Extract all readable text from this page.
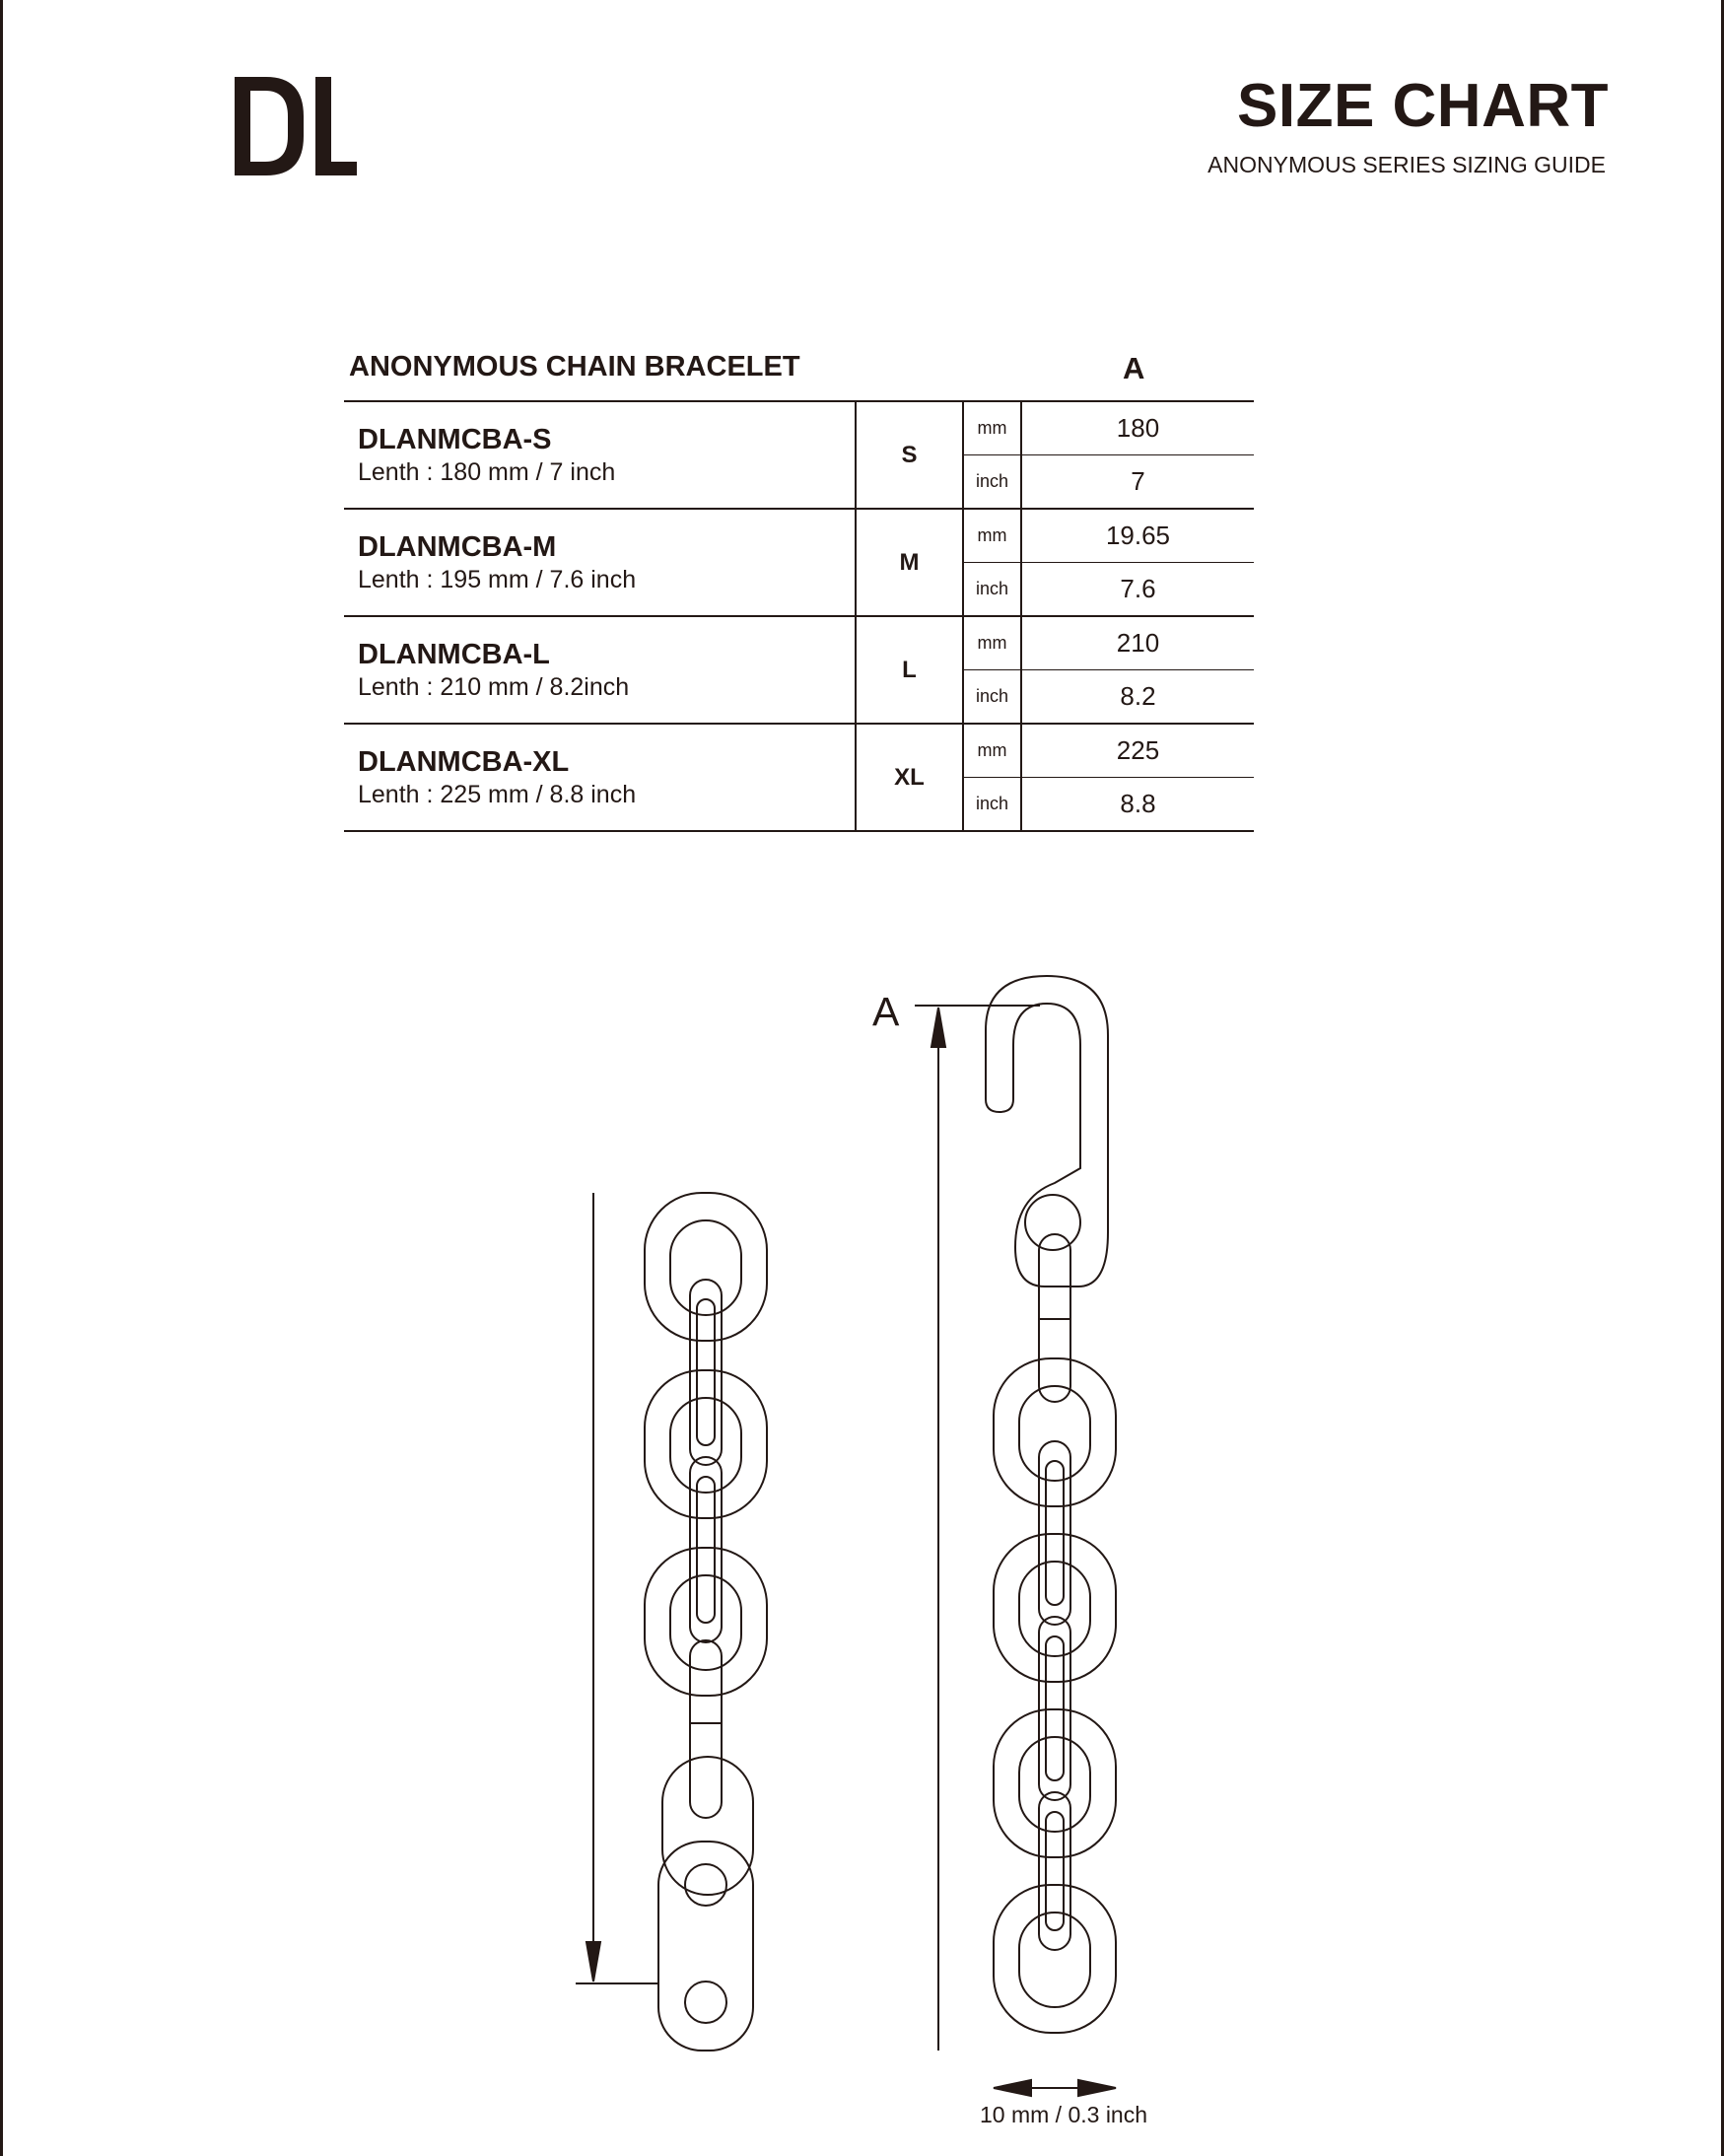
SIZE CHART
ANONYMOUS SERIES SIZING GUIDE
ANONYMOUS CHAIN BRACELET	A
DLANMCBA-S
Lenth : 180 mm / 7 inch	S	mm	180
		inch	7

DLANMCBA-M
Lenth : 195 mm / 7.6 inch	M	mm	19.65
		inch	7.6

DLANMCBA-L
Lenth : 210 mm / 8.2inch	L	mm	210
		inch	8.2

DLANMCBA-XL
Lenth : 225 mm / 8.8 inch	XL	mm	225
		inch	8.8
A
10 mm / 0.3 inch
